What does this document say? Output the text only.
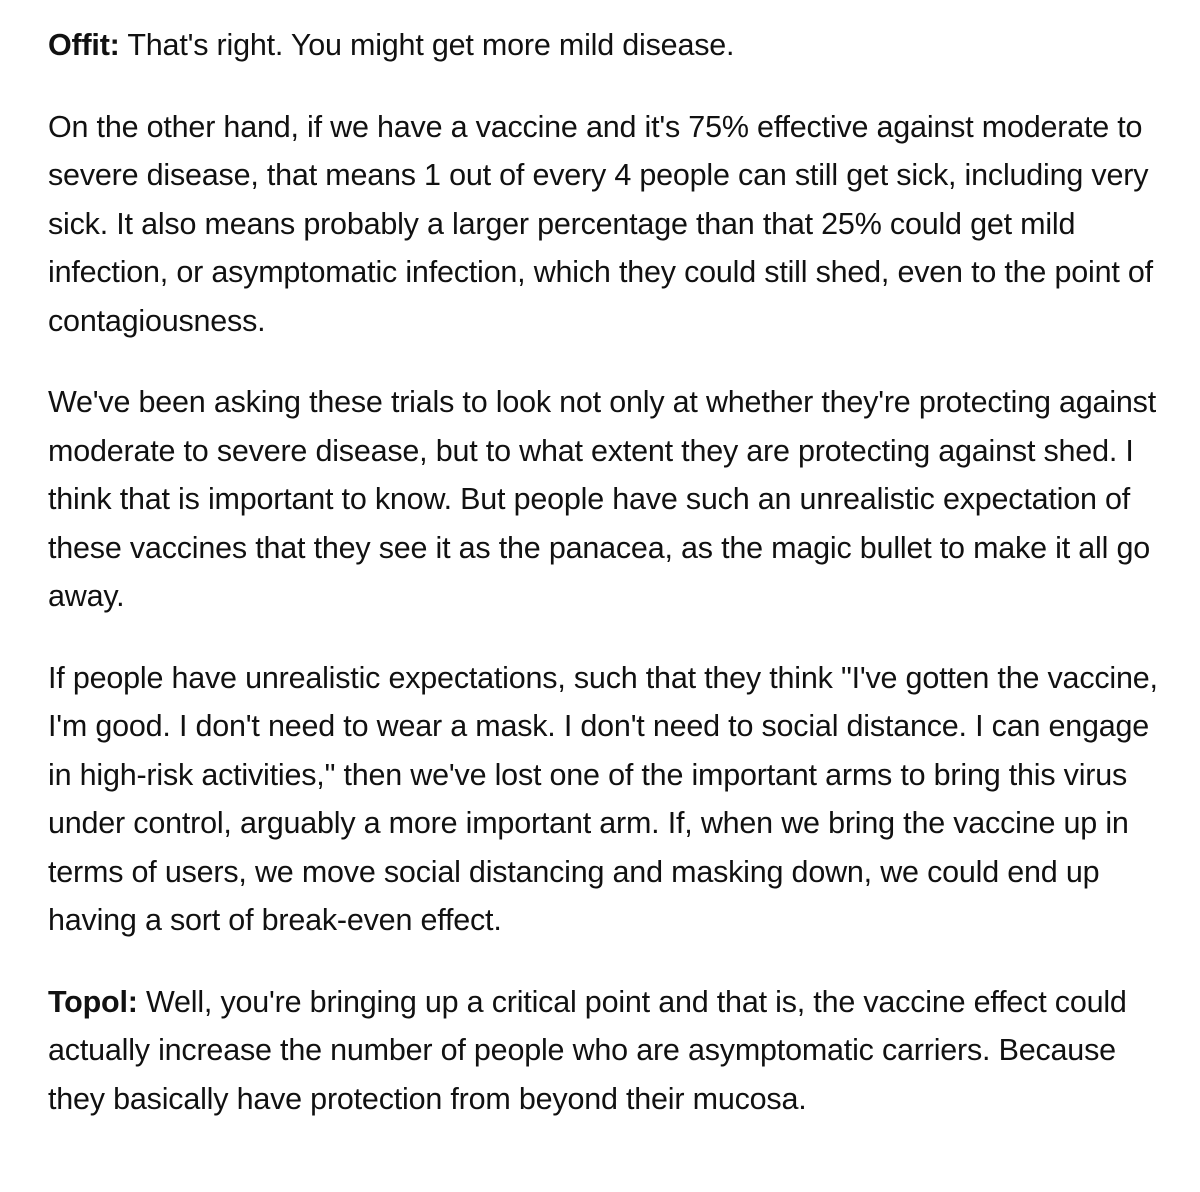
Offit: That's right. You might get more mild disease.

On the other hand, if we have a vaccine and it's 75% effective against moderate to severe disease, that means 1 out of every 4 people can still get sick, including very sick. It also means probably a larger percentage than that 25% could get mild infection, or asymptomatic infection, which they could still shed, even to the point of contagiousness.

We've been asking these trials to look not only at whether they're protecting against moderate to severe disease, but to what extent they are protecting against shed. I think that is important to know. But people have such an unrealistic expectation of these vaccines that they see it as the panacea, as the magic bullet to make it all go away.

If people have unrealistic expectations, such that they think "I've gotten the vaccine, I'm good. I don't need to wear a mask. I don't need to social distance. I can engage in high-risk activities," then we've lost one of the important arms to bring this virus under control, arguably a more important arm. If, when we bring the vaccine up in terms of users, we move social distancing and masking down, we could end up having a sort of break-even effect.

Topol: Well, you're bringing up a critical point and that is, the vaccine effect could actually increase the number of people who are asymptomatic carriers. Because they basically have protection from beyond their mucosa.
